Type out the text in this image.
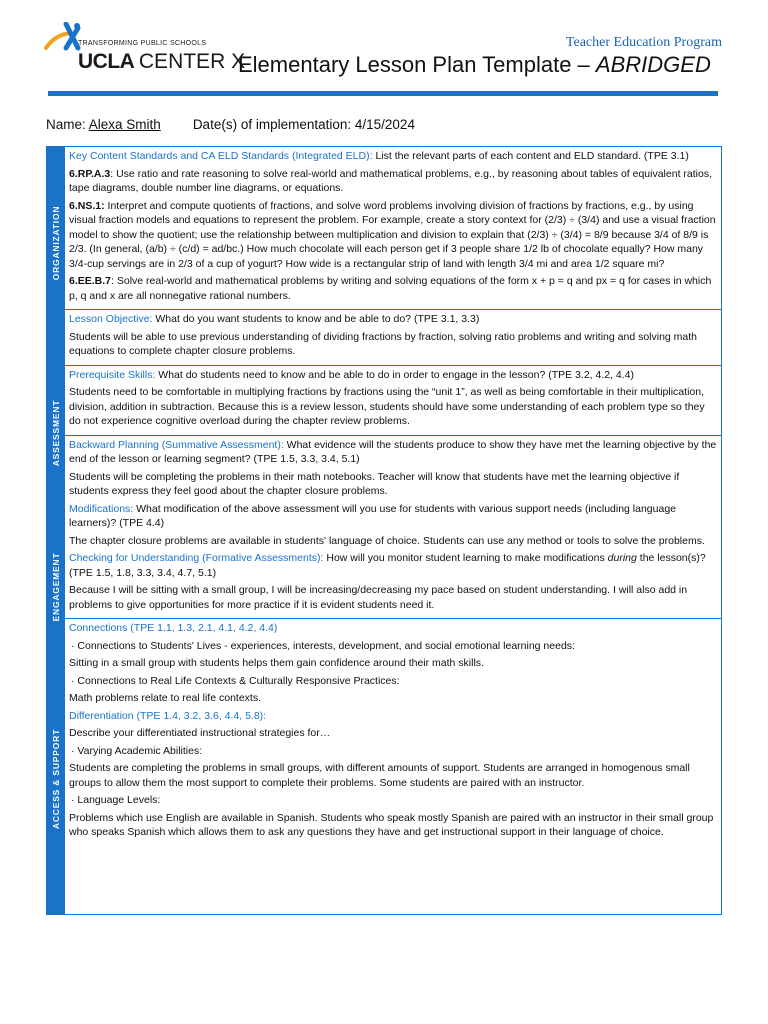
TRANSFORMING PUBLIC SCHOOLS
UCLA CENTER X
Teacher Education Program
Elementary Lesson Plan Template – ABRIDGED
Name: Alexa Smith Date(s) of implementation: 4/15/2024
ORGANIZATION
ASSESSMENT
ENGAGEMENT
ACCESS & SUPPORT

Key Content Standards and CA ELD Standards (Integrated ELD): List the relevant parts of each content and ELD standard. (TPE 3.1)

6.RP.A.3: Use ratio and rate reasoning to solve real-world and mathematical problems, e.g., by reasoning about tables of equivalent ratios, tape diagrams, double number line diagrams, or equations.

6.NS.1: Interpret and compute quotients of fractions, and solve word problems involving division of fractions by fractions, e.g., by using visual fraction models and equations to represent the problem. For example, create a story context for (2/3) ÷ (3/4) and use a visual fraction model to show the quotient; use the relationship between multiplication and division to explain that (2/3) ÷ (3/4) = 8/9 because 3/4 of 8/9 is 2/3. (In general, (a/b) ÷ (c/d) = ad/bc.) How much chocolate will each person get if 3 people share 1/2 lb of chocolate equally? How many 3/4-cup servings are in 2/3 of a cup of yogurt? How wide is a rectangular strip of land with length 3/4 mi and area 1/2 square mi?

6.EE.B.7: Solve real-world and mathematical problems by writing and solving equations of the form x + p = q and px = q for cases in which p, q and x are all nonnegative rational numbers.

Lesson Objective: What do you want students to know and be able to do? (TPE 3.1, 3.3)

Students will be able to use previous understanding of dividing fractions by fraction, solving ratio problems and writing and solving math equations to complete chapter closure problems.

Prerequisite Skills: What do students need to know and be able to do in order to engage in the lesson? (TPE 3.2, 4.2, 4.4)

Students need to be comfortable in multiplying fractions by fractions using the “unit 1”, as well as being comfortable in their multiplication, division, addition in subtraction. Because this is a review lesson, students should have some understanding of each problem type so they do not experience cognitive overload during the chapter review problems.

Backward Planning (Summative Assessment): What evidence will the students produce to show they have met the learning objective by the end of the lesson or learning segment? (TPE 1.5, 3.3, 3.4, 5.1)

Students will be completing the problems in their math notebooks. Teacher will know that students have met the learning objective if students express they feel good about the chapter closure problems.

Modifications: What modification of the above assessment will you use for students with various support needs (including language learners)? (TPE 4.4)

The chapter closure problems are available in students' language of choice. Students can use any method or tools to solve the problems.

Checking for Understanding (Formative Assessments): How will you monitor student learning to make modifications during the lesson(s)? (TPE 1.5, 1.8, 3.3, 3.4, 4.7, 5.1)

Because I will be sitting with a small group, I will be increasing/decreasing my pace based on student understanding. I will also add in problems to give opportunities for more practice if it is evident students need it.

Connections (TPE 1.1, 1.3, 2.1, 4.1, 4.2, 4.4)

· Connections to Students' Lives - experiences, interests, development, and social emotional learning needs:

Sitting in a small group with students helps them gain confidence around their math skills.

· Connections to Real Life Contexts & Culturally Responsive Practices:

Math problems relate to real life contexts.

Differentiation (TPE 1.4, 3.2, 3.6, 4.4, 5.8):

Describe your differentiated instructional strategies for…

· Varying Academic Abilities:

Students are completing the problems in small groups, with different amounts of support. Students are arranged in homogenous small groups to allow them the most support to complete their problems. Some students are paired with an instructor.

· Language Levels:

Problems which use English are available in Spanish. Students who speak mostly Spanish are paired with an instructor in their small group who speaks Spanish which allows them to ask any questions they have and get instructional support in their language of choice.
